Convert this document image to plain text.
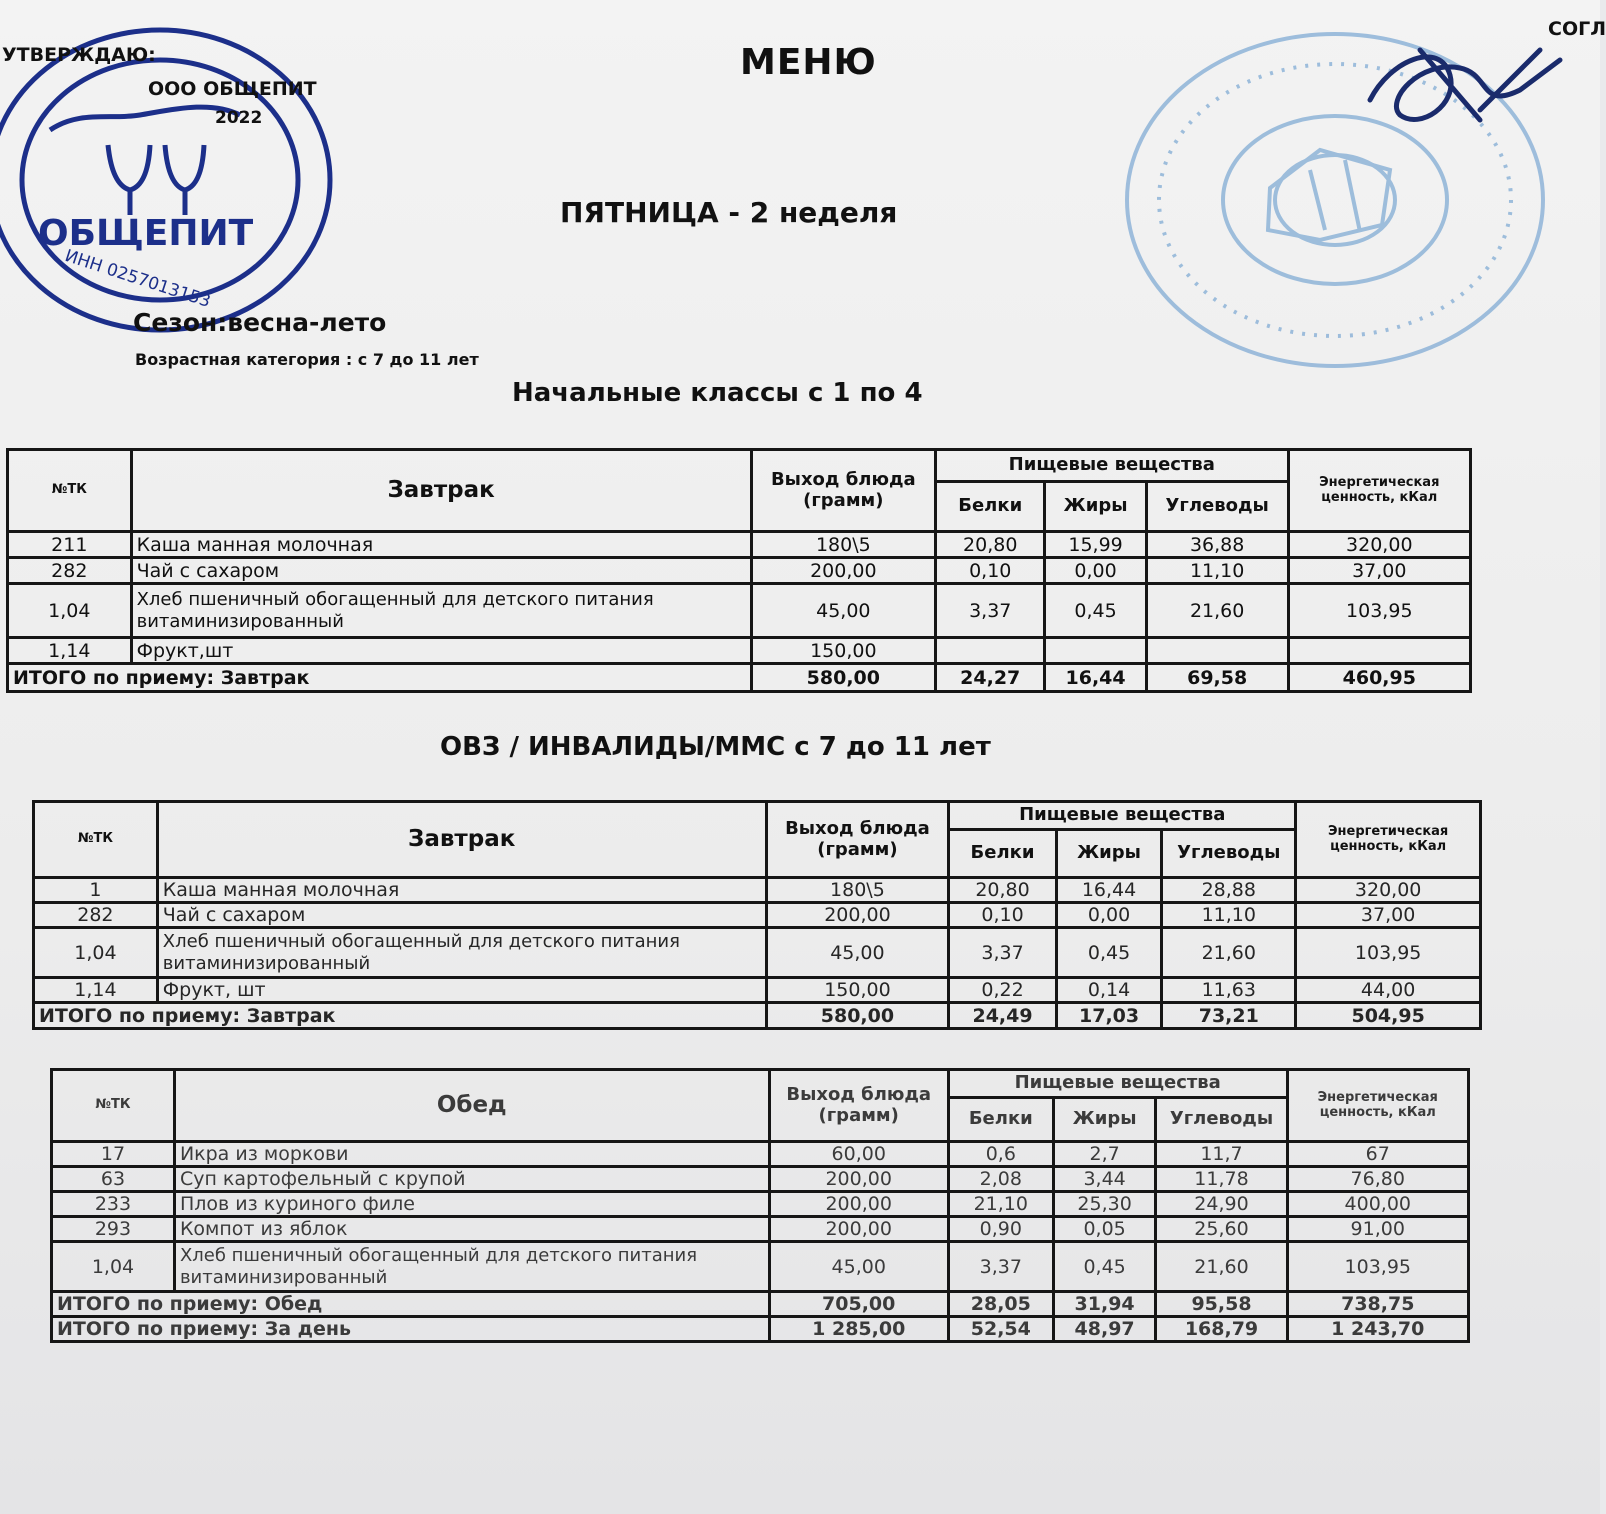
ОБЩЕПИТ
ИНН 0257013153
УТВЕРЖДАЮ:
ООО ОБЩЕПИТ
2022
СОГЛ
МЕНЮ
ПЯТНИЦА - 2 неделя
Сезон:весна-лето
Возрастная категория : с 7 до 11 лет
Начальные классы с 1 по 4
ОВЗ / ИНВАЛИДЫ/ММС с 7 до 11 лет
№ТК	Завтрак	Выход блюда (грамм)	Пищевые вещества			Энергетическая ценность, кКал
			Белки	Жиры	Углеводы	
211	Каша манная молочная	180\5	20,80	15,99	36,88	320,00
282	Чай с сахаром	200,00	0,10	0,00	11,10	37,00
1,04	Хлеб пшеничный обогащенный для детского питания витаминизированный	45,00	3,37	0,45	21,60	103,95
1,14	Фрукт,шт	150,00				
ИТОГО по приему: Завтрак		580,00	24,27	16,44	69,58	460,95
№ТК	Завтрак	Выход блюда (грамм)	Пищевые вещества			Энергетическая ценность, кКал
			Белки	Жиры	Углеводы	
1	Каша манная молочная	180\5	20,80	16,44	28,88	320,00
282	Чай с сахаром	200,00	0,10	0,00	11,10	37,00
1,04	Хлеб пшеничный обогащенный для детского питания витаминизированный	45,00	3,37	0,45	21,60	103,95
1,14	Фрукт, шт	150,00	0,22	0,14	11,63	44,00
ИТОГО по приему: Завтрак		580,00	24,49	17,03	73,21	504,95
№ТК	Обед	Выход блюда (грамм)	Пищевые вещества			Энергетическая ценность, кКал
			Белки	Жиры	Углеводы	
17	Икра из моркови	60,00	0,6	2,7	11,7	67
63	Суп картофельный с крупой	200,00	2,08	3,44	11,78	76,80
233	Плов из куриного филе	200,00	21,10	25,30	24,90	400,00
293	Компот из яблок	200,00	0,90	0,05	25,60	91,00
1,04	Хлеб пшеничный обогащенный для детского питания витаминизированный	45,00	3,37	0,45	21,60	103,95
ИТОГО по приему: Обед		705,00	28,05	31,94	95,58	738,75
ИТОГО по приему: За день		1 285,00	52,54	48,97	168,79	1 243,70
